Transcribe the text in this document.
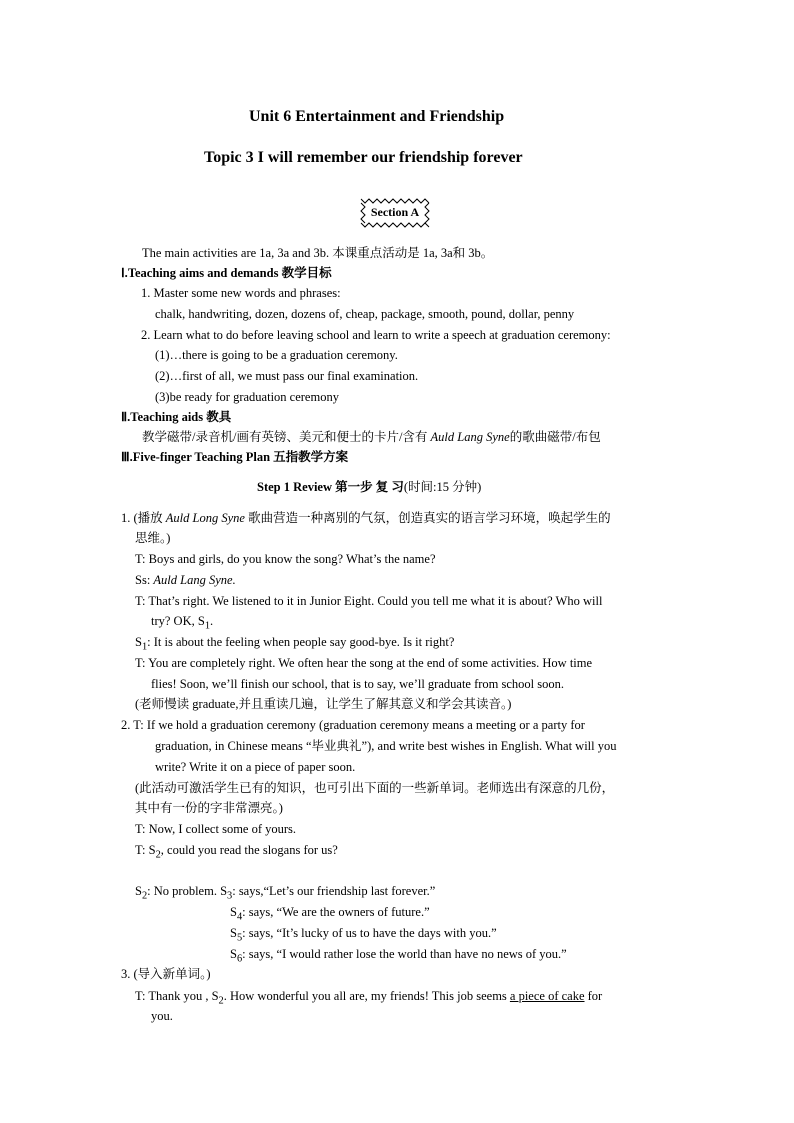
Unit 6 Entertainment and Friendship
Topic 3 I will remember our friendship forever
Section A
The main activities are 1a, 3a and 3b. 本课重点活动是 1a, 3a和 3b。
Ⅰ.Teaching aims and demands 教学目标
1. Master some new words and phrases:
chalk, handwriting, dozen, dozens of, cheap, package, smooth, pound, dollar, penny
2. Learn what to do before leaving school and learn to write a speech at graduation ceremony:
(1)…there is going to be a graduation ceremony.
(2)…first of all, we must pass our final examination.
(3)be ready for graduation ceremony
Ⅱ.Teaching aids 教具
教学磁带/录音机/画有英镑、美元和便士的卡片/含有 Auld Lang Syne的歌曲磁带/布包
Ⅲ.Five-finger Teaching Plan 五指教学方案
Step 1 Review 第一步 复 习(时间:15 分钟)
1. (播放 Auld Long Syne 歌曲营造一种离别的气氛，创造真实的语言学习环境，唤起学生的
思维。)
T: Boys and girls, do you know the song? What’s the name?
Ss: Auld Lang Syne.
T: That’s right. We listened to it in Junior Eight. Could you tell me what it is about? Who will
try? OK, $S_1$.
$S_1$: It is about the feeling when people say good-bye. Is it right?
T: You are completely right. We often hear the song at the end of some activities. How time
flies! Soon, we’ll finish our school, that is to say, we’ll graduate from school soon.
(老师慢读 graduate,并且重读几遍，让学生了解其意义和学会其读音。)
2. T: If we hold a graduation ceremony (graduation ceremony means a meeting or a party for
graduation, in Chinese means “毕业典礼”), and write best wishes in English. What will you
write? Write it on a piece of paper soon.
(此活动可激活学生已有的知识，也可引出下面的一些新单词。老师选出有深意的几份，
其中有一份的字非常漂亮。)
T: Now, I collect some of yours.
T: $S_2$, could you read the slogans for us?
$S_2$: No problem. $S_3$: says,“Let’s our friendship last forever.”
$S_4$: says, “We are the owners of future.”
$S_5$: says, “It’s lucky of us to have the days with you.”
$S_6$: says, “I would rather lose the world than have no news of you.”
3. (导入新单词。)
T: Thank you , $S_2$. How wonderful you all are, my friends! This job seems a piece of cake for
you.
